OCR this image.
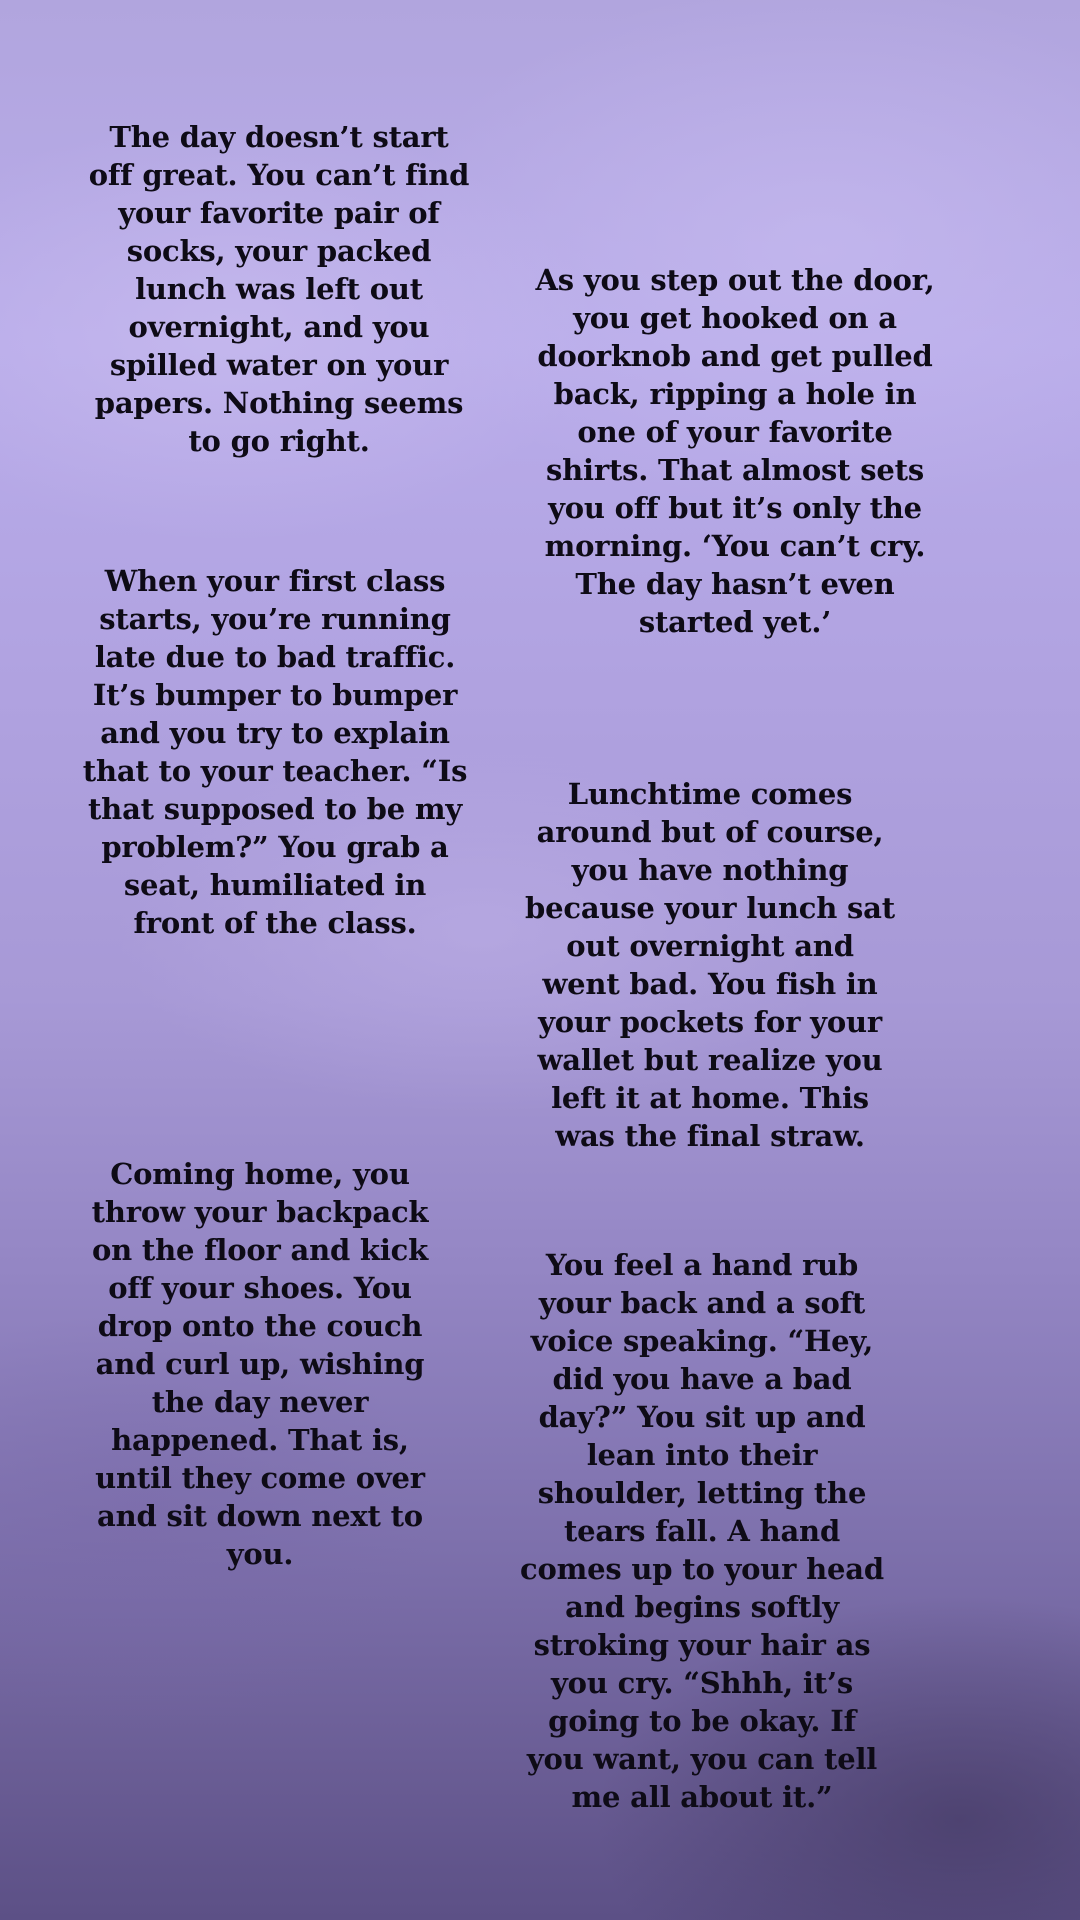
The day doesn’t start off great. You can’t find your favorite pair of socks, your packed lunch was left out overnight, and you spilled water on your papers. Nothing seems to go right.

As you step out the door, you get hooked on a doorknob and get pulled back, ripping a hole in one of your favorite shirts. That almost sets you off but it’s only the morning. ‘You can’t cry. The day hasn’t even started yet.’

When your first class starts, you’re running late due to bad traffic. It’s bumper to bumper and you try to explain that to your teacher. “Is that supposed to be my problem?” You grab a seat, humiliated in front of the class.

Lunchtime comes around but of course, you have nothing because your lunch sat out overnight and went bad. You fish in your pockets for your wallet but realize you left it at home. This was the final straw.

Coming home, you throw your backpack on the floor and kick off your shoes. You drop onto the couch and curl up, wishing the day never happened. That is, until they come over and sit down next to you.

You feel a hand rub your back and a soft voice speaking. “Hey, did you have a bad day?” You sit up and lean into their shoulder, letting the tears fall. A hand comes up to your head and begins softly stroking your hair as you cry. “Shhh, it’s going to be okay. If you want, you can tell me all about it.”
